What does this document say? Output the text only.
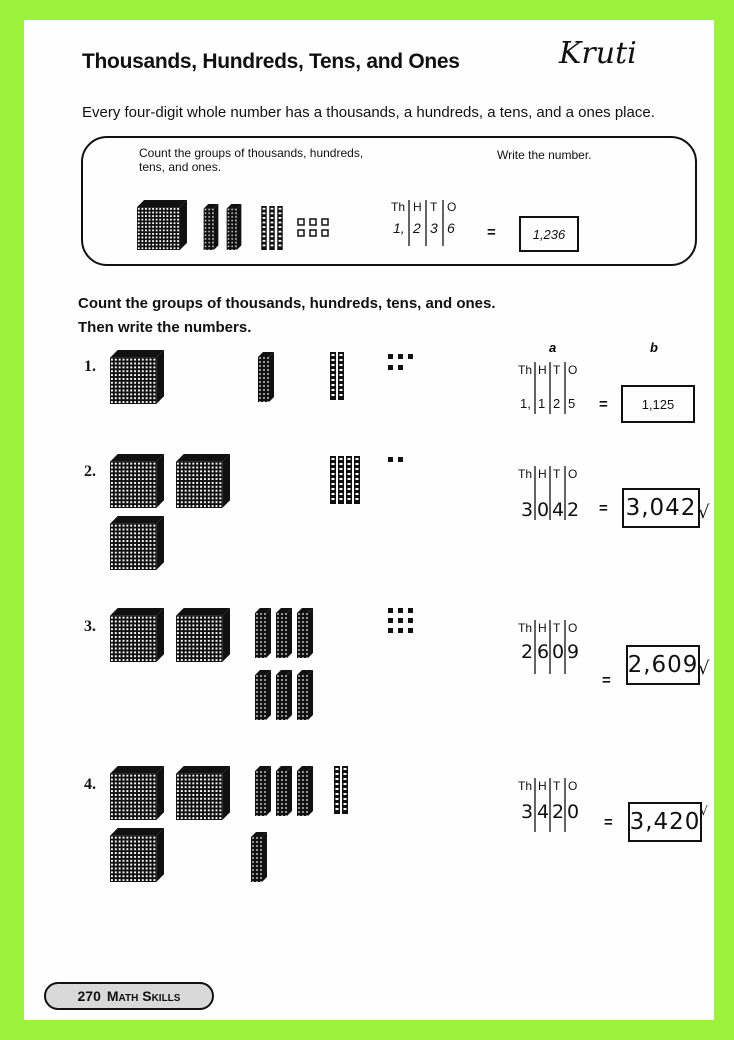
Thousands, Hundreds, Tens, and Ones	Kruti
Every four-digit whole number has a thousands, a hundreds, a tens, and a ones place.
Count the groups of thousands, hundreds, tens, and ones.
Write the number.
Th H T O
1, 2 3 6 =	1,236
Count the groups of thousands, hundreds, tens, and ones.
Then write the numbers.
a	b
1.	Th H T O
1, 1 2 5 =	1,125
2.	Th H T O
3 0 4 2 = 3,042 √
3.	Th H T O
2 6 0 9
=
2,609 √
4.	Th H T O
3 4 2 0 = 3,420 √
270 Math Skills
